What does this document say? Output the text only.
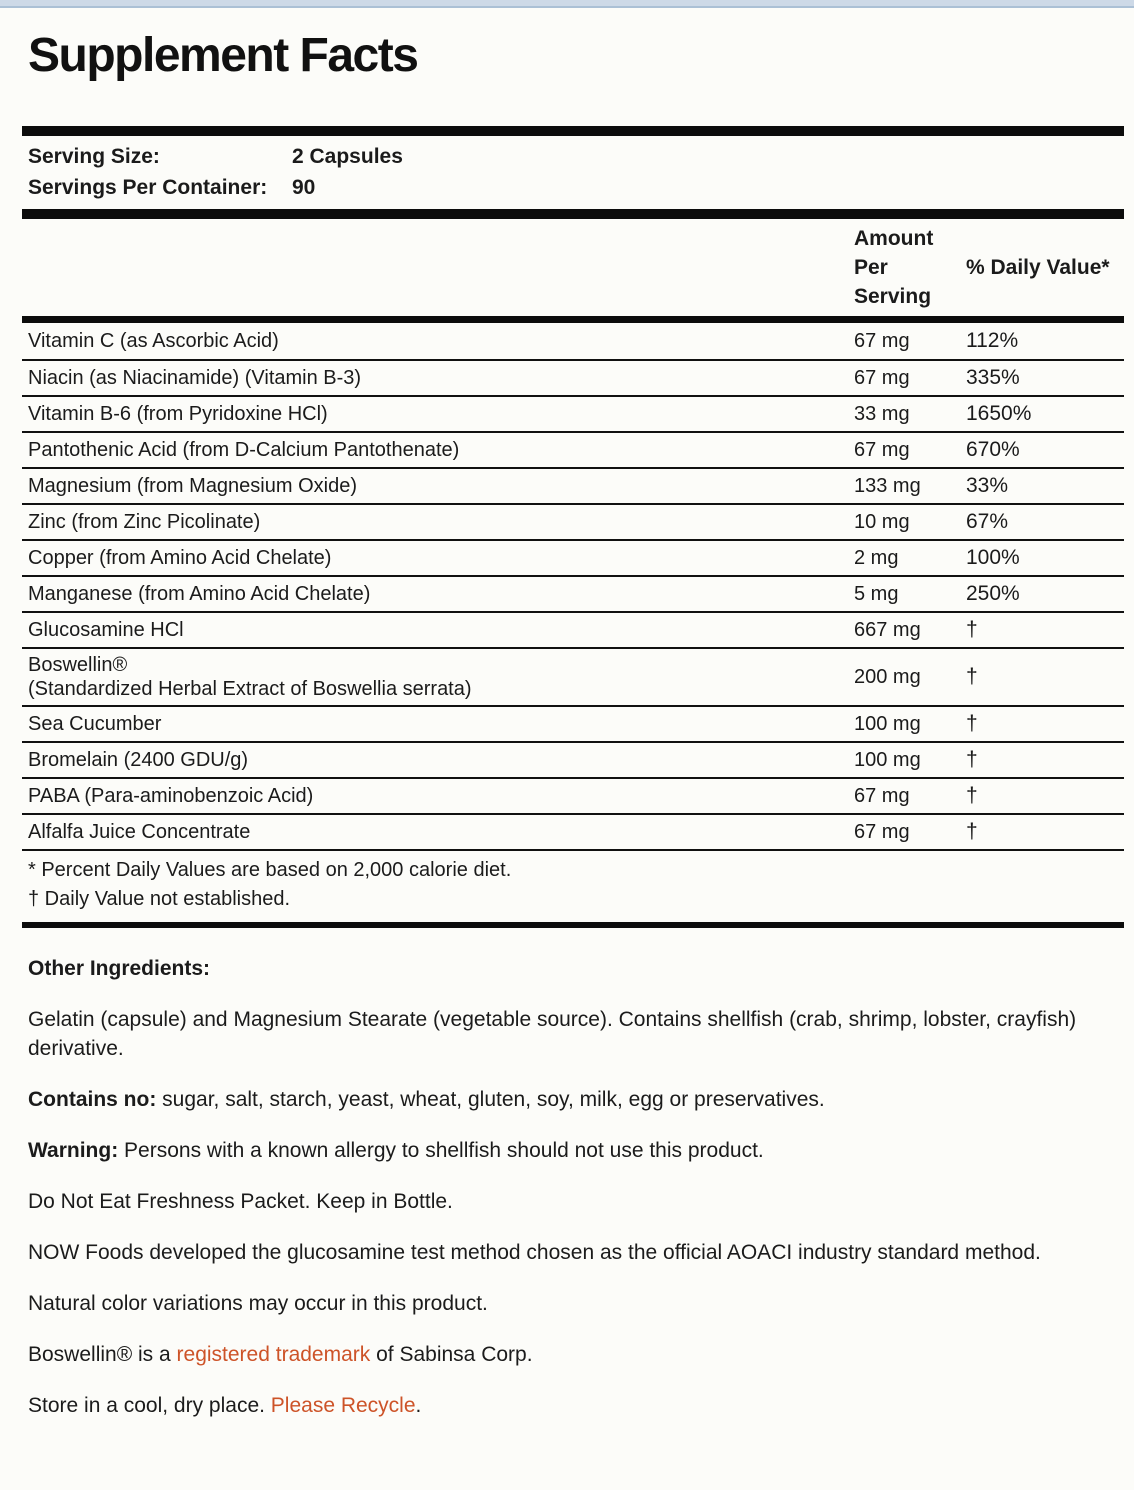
Supplement Facts
Serving Size:	2 Capsules
Servings Per Container:	90
Amount
Per
Serving
% Daily Value*
Vitamin C (as Ascorbic Acid)	67 mg	112%
Niacin (as Niacinamide) (Vitamin B-3)	67 mg	335%
Vitamin B-6 (from Pyridoxine HCl)	33 mg	1650%
Pantothenic Acid (from D-Calcium Pantothenate)	67 mg	670%
Magnesium (from Magnesium Oxide)	133 mg	33%
Zinc (from Zinc Picolinate)	10 mg	67%
Copper (from Amino Acid Chelate)	2 mg	100%
Manganese (from Amino Acid Chelate)	5 mg	250%
Glucosamine HCl	667 mg	†
Boswellin®
(Standardized Herbal Extract of Boswellia serrata)
200 mg	†
Sea Cucumber	100 mg	†
Bromelain (2400 GDU/g)	100 mg	†
PABA (Para-aminobenzoic Acid)	67 mg	†
Alfalfa Juice Concentrate	67 mg	†
* Percent Daily Values are based on 2,000 calorie diet.
† Daily Value not established.

Other Ingredients:

Gelatin (capsule) and Magnesium Stearate (vegetable source). Contains shellfish (crab, shrimp, lobster, crayfish) derivative.

Contains no: sugar, salt, starch, yeast, wheat, gluten, soy, milk, egg or preservatives.

Warning: Persons with a known allergy to shellfish should not use this product.

Do Not Eat Freshness Packet. Keep in Bottle.

NOW Foods developed the glucosamine test method chosen as the official AOACI industry standard method.

Natural color variations may occur in this product.

Boswellin® is a registered trademark of Sabinsa Corp.

Store in a cool, dry place. Please Recycle.
